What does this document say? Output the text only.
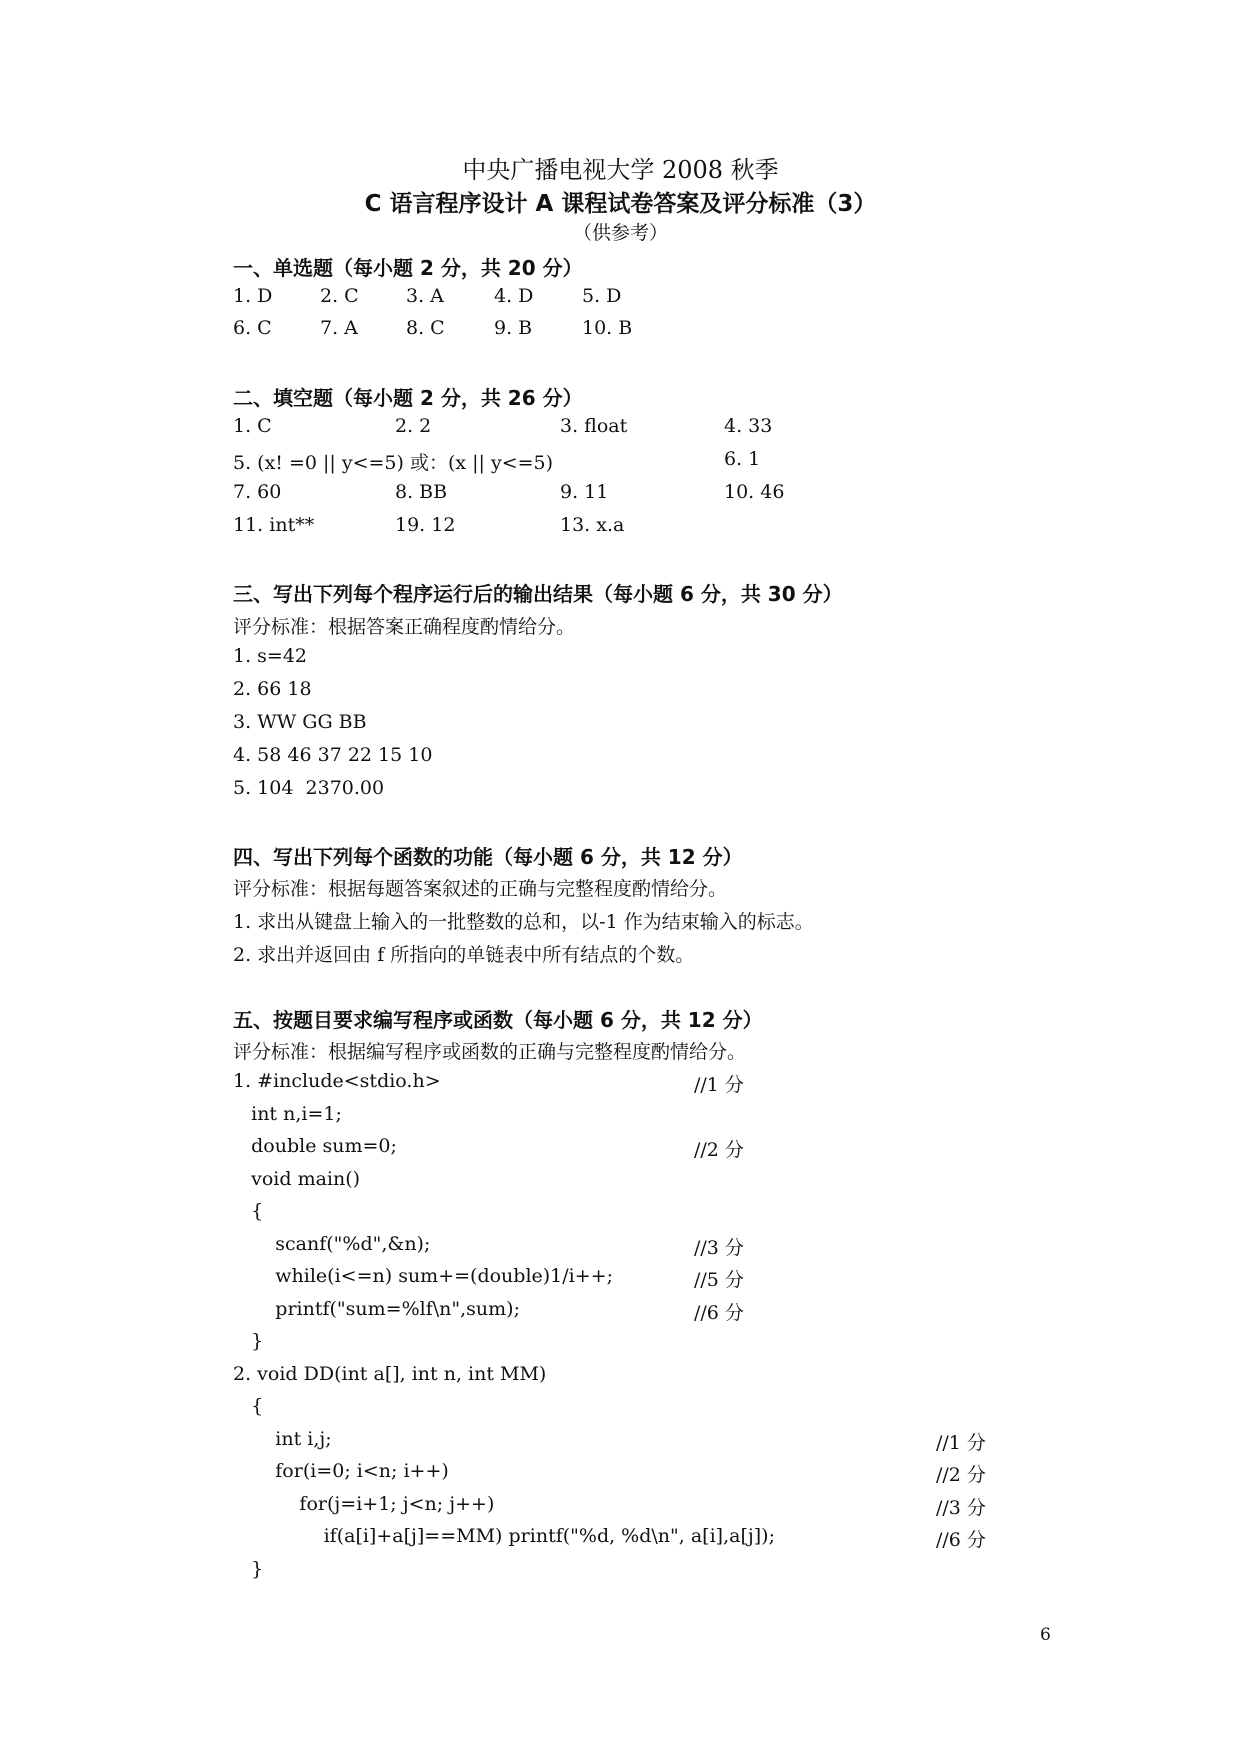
中央广播电视大学 2008 秋季
C 语言程序设计 A 课程试卷答案及评分标准（3）
（供参考）
一、单选题（每小题 2 分，共 20 分）
1. D	2. C 3. A	4. D	5. D
6. C	7. A	8. C	9. B	10. B
二、填空题（每小题 2 分，共 26 分）
1. C	2. 2	3. float	4. 33
5. (x! =0 || y<=5) 或：(x || y<=5)	6. 1
7. 60	8. BB	9. 11	10. 46
11. int**	19. 12	13. x.a
三、写出下列每个程序运行后的输出结果（每小题 6 分，共 30 分）
评分标准：根据答案正确程度酌情给分。
1. s=42
2. 66 18
3. WW GG BB
4. 58 46 37 22 15 10
5. 104  2370.00
四、写出下列每个函数的功能（每小题 6 分，共 12 分）
评分标准：根据每题答案叙述的正确与完整程度酌情给分。
1. 求出从键盘上输入的一批整数的总和，以-1 作为结束输入的标志。
2. 求出并返回由 f 所指向的单链表中所有结点的个数。
五、按题目要求编写程序或函数（每小题 6 分，共 12 分）
评分标准：根据编写程序或函数的正确与完整程度酌情给分。
1. #include<stdio.h>	//1 分
int n,i=1;
double sum=0;	//2 分
void main()
{
scanf("%d",&n);	//3 分
while(i<=n) sum+=(double)1/i++;	//5 分
printf("sum=%lf\n",sum);	//6 分
}
2. void DD(int a[], int n, int MM)
{
int i,j;	//1 分
for(i=0; i<n; i++)	//2 分
for(j=i+1; j<n; j++)	//3 分
if(a[i]+a[j]==MM) printf("%d, %d\n", a[i],a[j]);	//6 分
}
6
